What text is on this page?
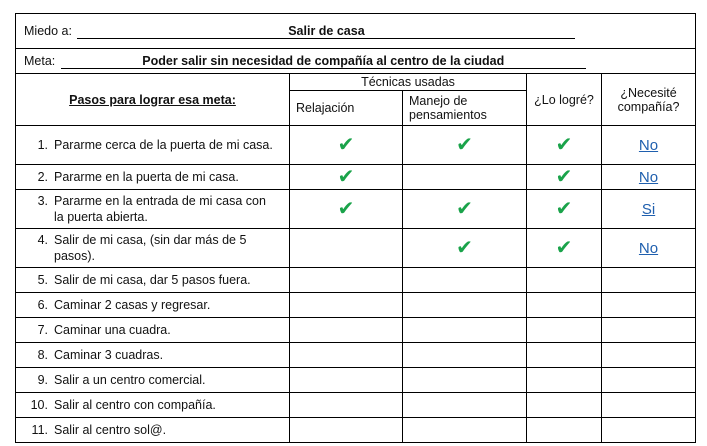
Miedo a: Salir de casa				
Meta: Poder salir sin necesidad de compañía al centro de la ciudad				
Pasos para lograr esa meta:	Técnicas usadas		¿Lo logré?	¿Necesité compañía?
	Relajación	Manejo de pensamientos		
1. Pararme cerca de la puerta de mi casa.	✔	✔	✔	No
2. Pararme en la puerta de mi casa.	✔		✔	No
3. Pararme en la entrada de mi casa con la puerta abierta.	✔	✔	✔	Si
4. Salir de mi casa, (sin dar más de 5 pasos).		✔	✔	No
5. Salir de mi casa, dar 5 pasos fuera.				
6. Caminar 2 casas y regresar.				
7. Caminar una cuadra.				
8. Caminar 3 cuadras.				
9. Salir a un centro comercial.				
10. Salir al centro con compañía.				
11. Salir al centro sol@.				
